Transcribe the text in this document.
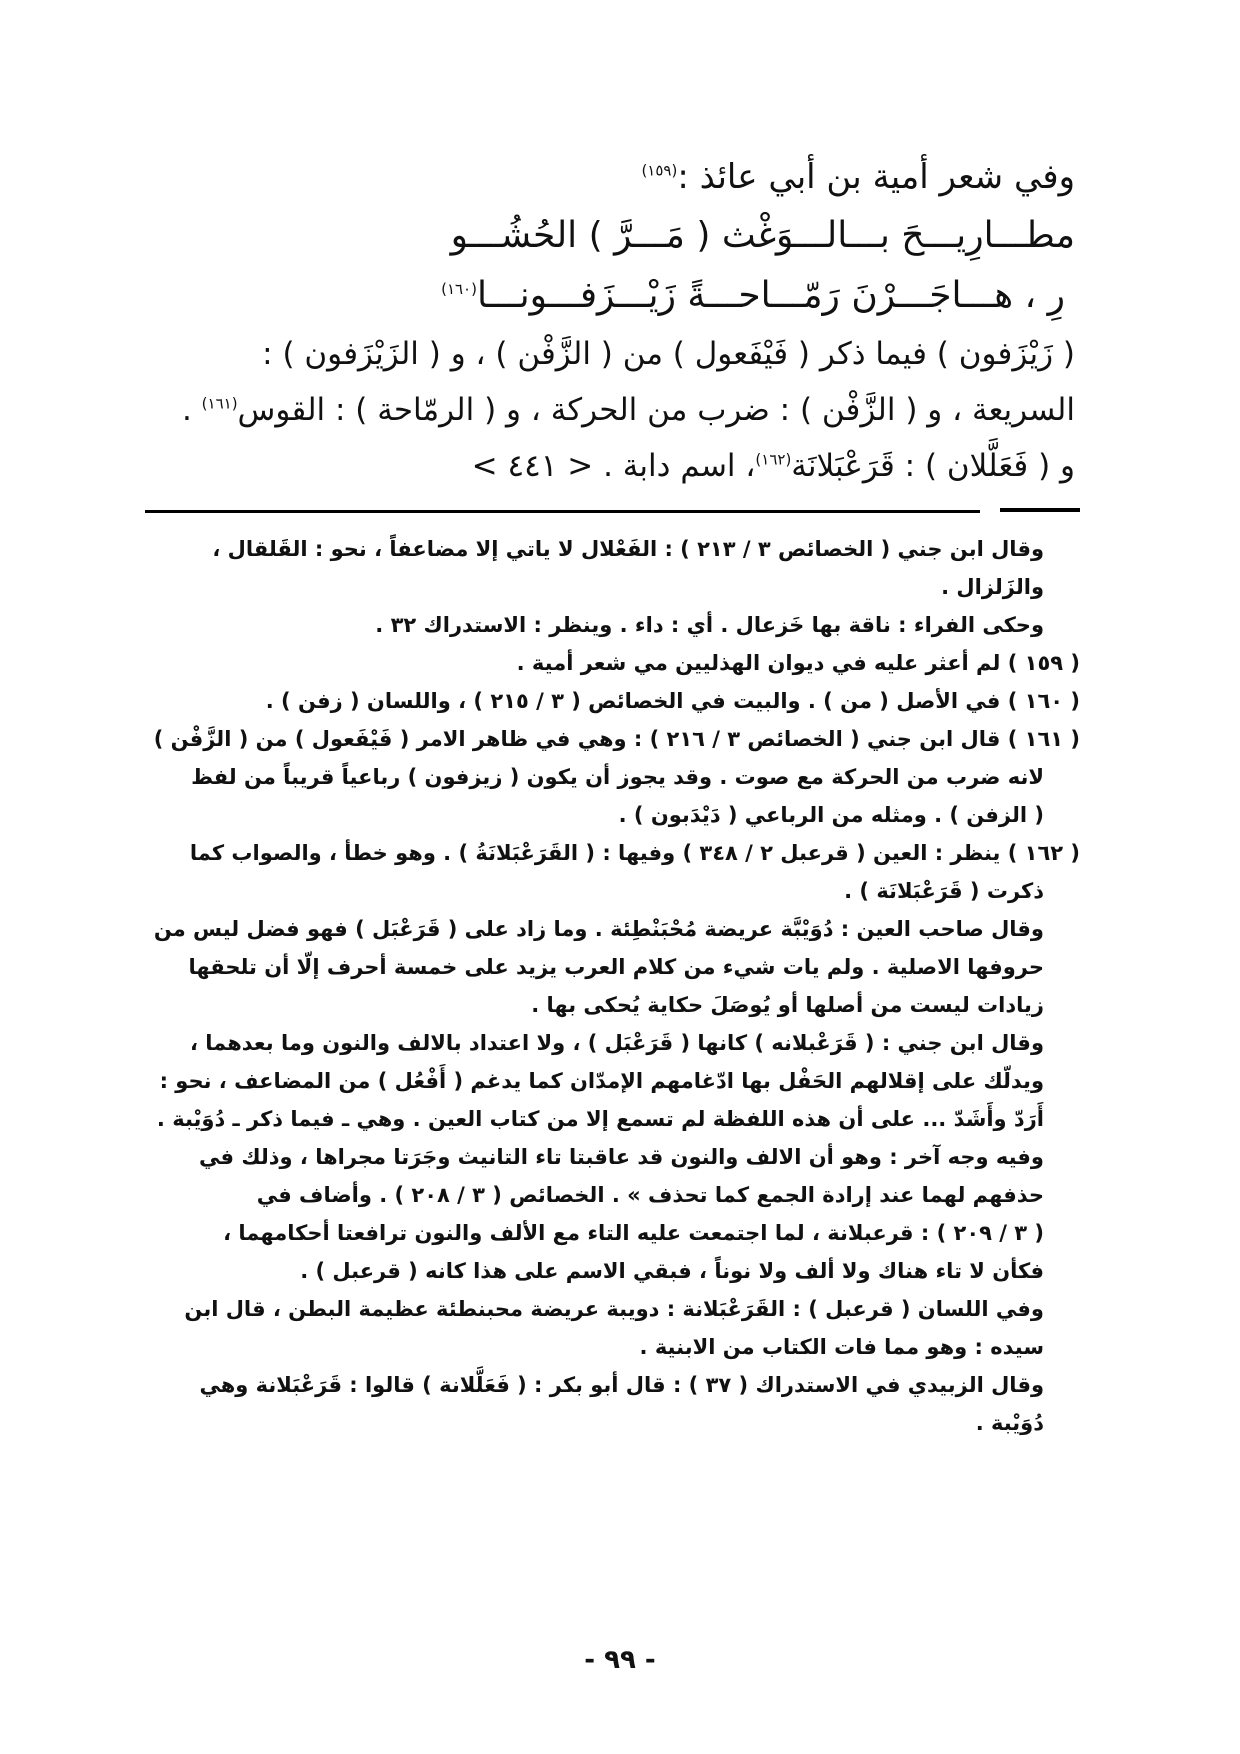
وفي شعر أمية بن أبي عائذ :$^{(١٥٩)}$

مطـــارِيـــحَ بـــالـــوَغْث ( مَـــرَّ ) الحُشُـــو

رِ ، هـــاجَـــرْنَ رَمّـــاحـــةً زَيْـــزَفـــونـــا$^{(١٦٠)}$

( زَيْزَفون ) فيما ذكر ( فَيْفَعول ) من ( الزَّفْن ) ، و ( الزَيْزَفون ) :

السريعة ، و ( الزَّفْن ) : ضرب من الحركة ، و ( الرمّاحة ) : القوس$^{(١٦١)}$ .

و ( فَعَلَّلان ) : قَرَعْبَلانَة$^{(١٦٢)}$، اسم دابة . < ٤٤١ >

وقال ابن جني ( الخصائص ٣ / ٢١٣ ) : الفَعْلال لا ياتي إلا مضاعفاً ، نحو : القَلقال ،

والزَلزال .

وحكى الفراء : ناقة بها خَزعال . أي : داء . وينظر : الاستدراك ٣٢ .

( ١٥٩ ) لم أعثر عليه في ديوان الهذليين مي شعر أمية .

( ١٦٠ ) في الأصل ( من ) . والبيت في الخصائص ( ٣ / ٢١٥ ) ، واللسان ( زفن ) .

( ١٦١ ) قال ابن جني ( الخصائص ٣ / ٢١٦ ) : وهي في ظاهر الامر ( فَيْفَعول ) من ( الزَّفْن )

لانه ضرب من الحركة مع صوت . وقد يجوز أن يكون ( زيزفون ) رباعياً قريباً من لفظ

( الزفن ) . ومثله من الرباعي ( دَيْدَبون ) .

( ١٦٢ ) ينظر : العين ( قرعبل ٢ / ٣٤٨ ) وفيها : ( القَرَعْبَلانَةُ ) . وهو خطأ ، والصواب كما

ذكرت ( قَرَعْبَلانَة ) .

وقال صاحب العين : دُوَيْبَّة عريضة مُحْبَنْطِئة . وما زاد على ( قَرَعْبَل ) فهو فضل ليس من

حروفها الاصلية . ولم يات شيء من كلام العرب يزيد على خمسة أحرف إلّا أن تلحقها

زيادات ليست من أصلها أو يُوصَلَ حكاية يُحكى بها .

وقال ابن جني : ( قَرَعْبلانه ) كانها ( قَرَعْبَل ) ، ولا اعتداد بالالف والنون وما بعدهما ،

ويدلّك على إقلالهم الحَفْل بها ادّغامهم الإمدّان كما يدغم ( أَفْعُل ) من المضاعف ، نحو :

أَرَدّ وأَشَدّ ... على أن هذه اللفظة لم تسمع إلا من كتاب العين . وهي ـ فيما ذكر ـ دُوَيْبة .

وفيه وجه آخر : وهو أن الالف والنون قد عاقبتا تاء التانيث وجَرَتا مجراها ، وذلك في

حذفهم لهما عند إرادة الجمع كما تحذف » . الخصائص ( ٣ / ٢٠٨ ) . وأضاف في

( ٣ / ٢٠٩ ) : قرعبلانة ، لما اجتمعت عليه التاء مع الألف والنون ترافعتا أحكامهما ،

فكأن لا تاء هناك ولا ألف ولا نوناً ، فبقي الاسم على هذا كانه ( قرعبل ) .

وفي اللسان ( قرعبل ) : القَرَعْبَلانة : دويبة عريضة محبنطئة عظيمة البطن ، قال ابن

سيده : وهو مما فات الكتاب من الابنية .

وقال الزبيدي في الاستدراك ( ٣٧ ) : قال أبو بكر : ( فَعَلَّلانة ) قالوا : قَرَعْبَلانة وهي

دُوَيْبة .

- ٩٩ -
